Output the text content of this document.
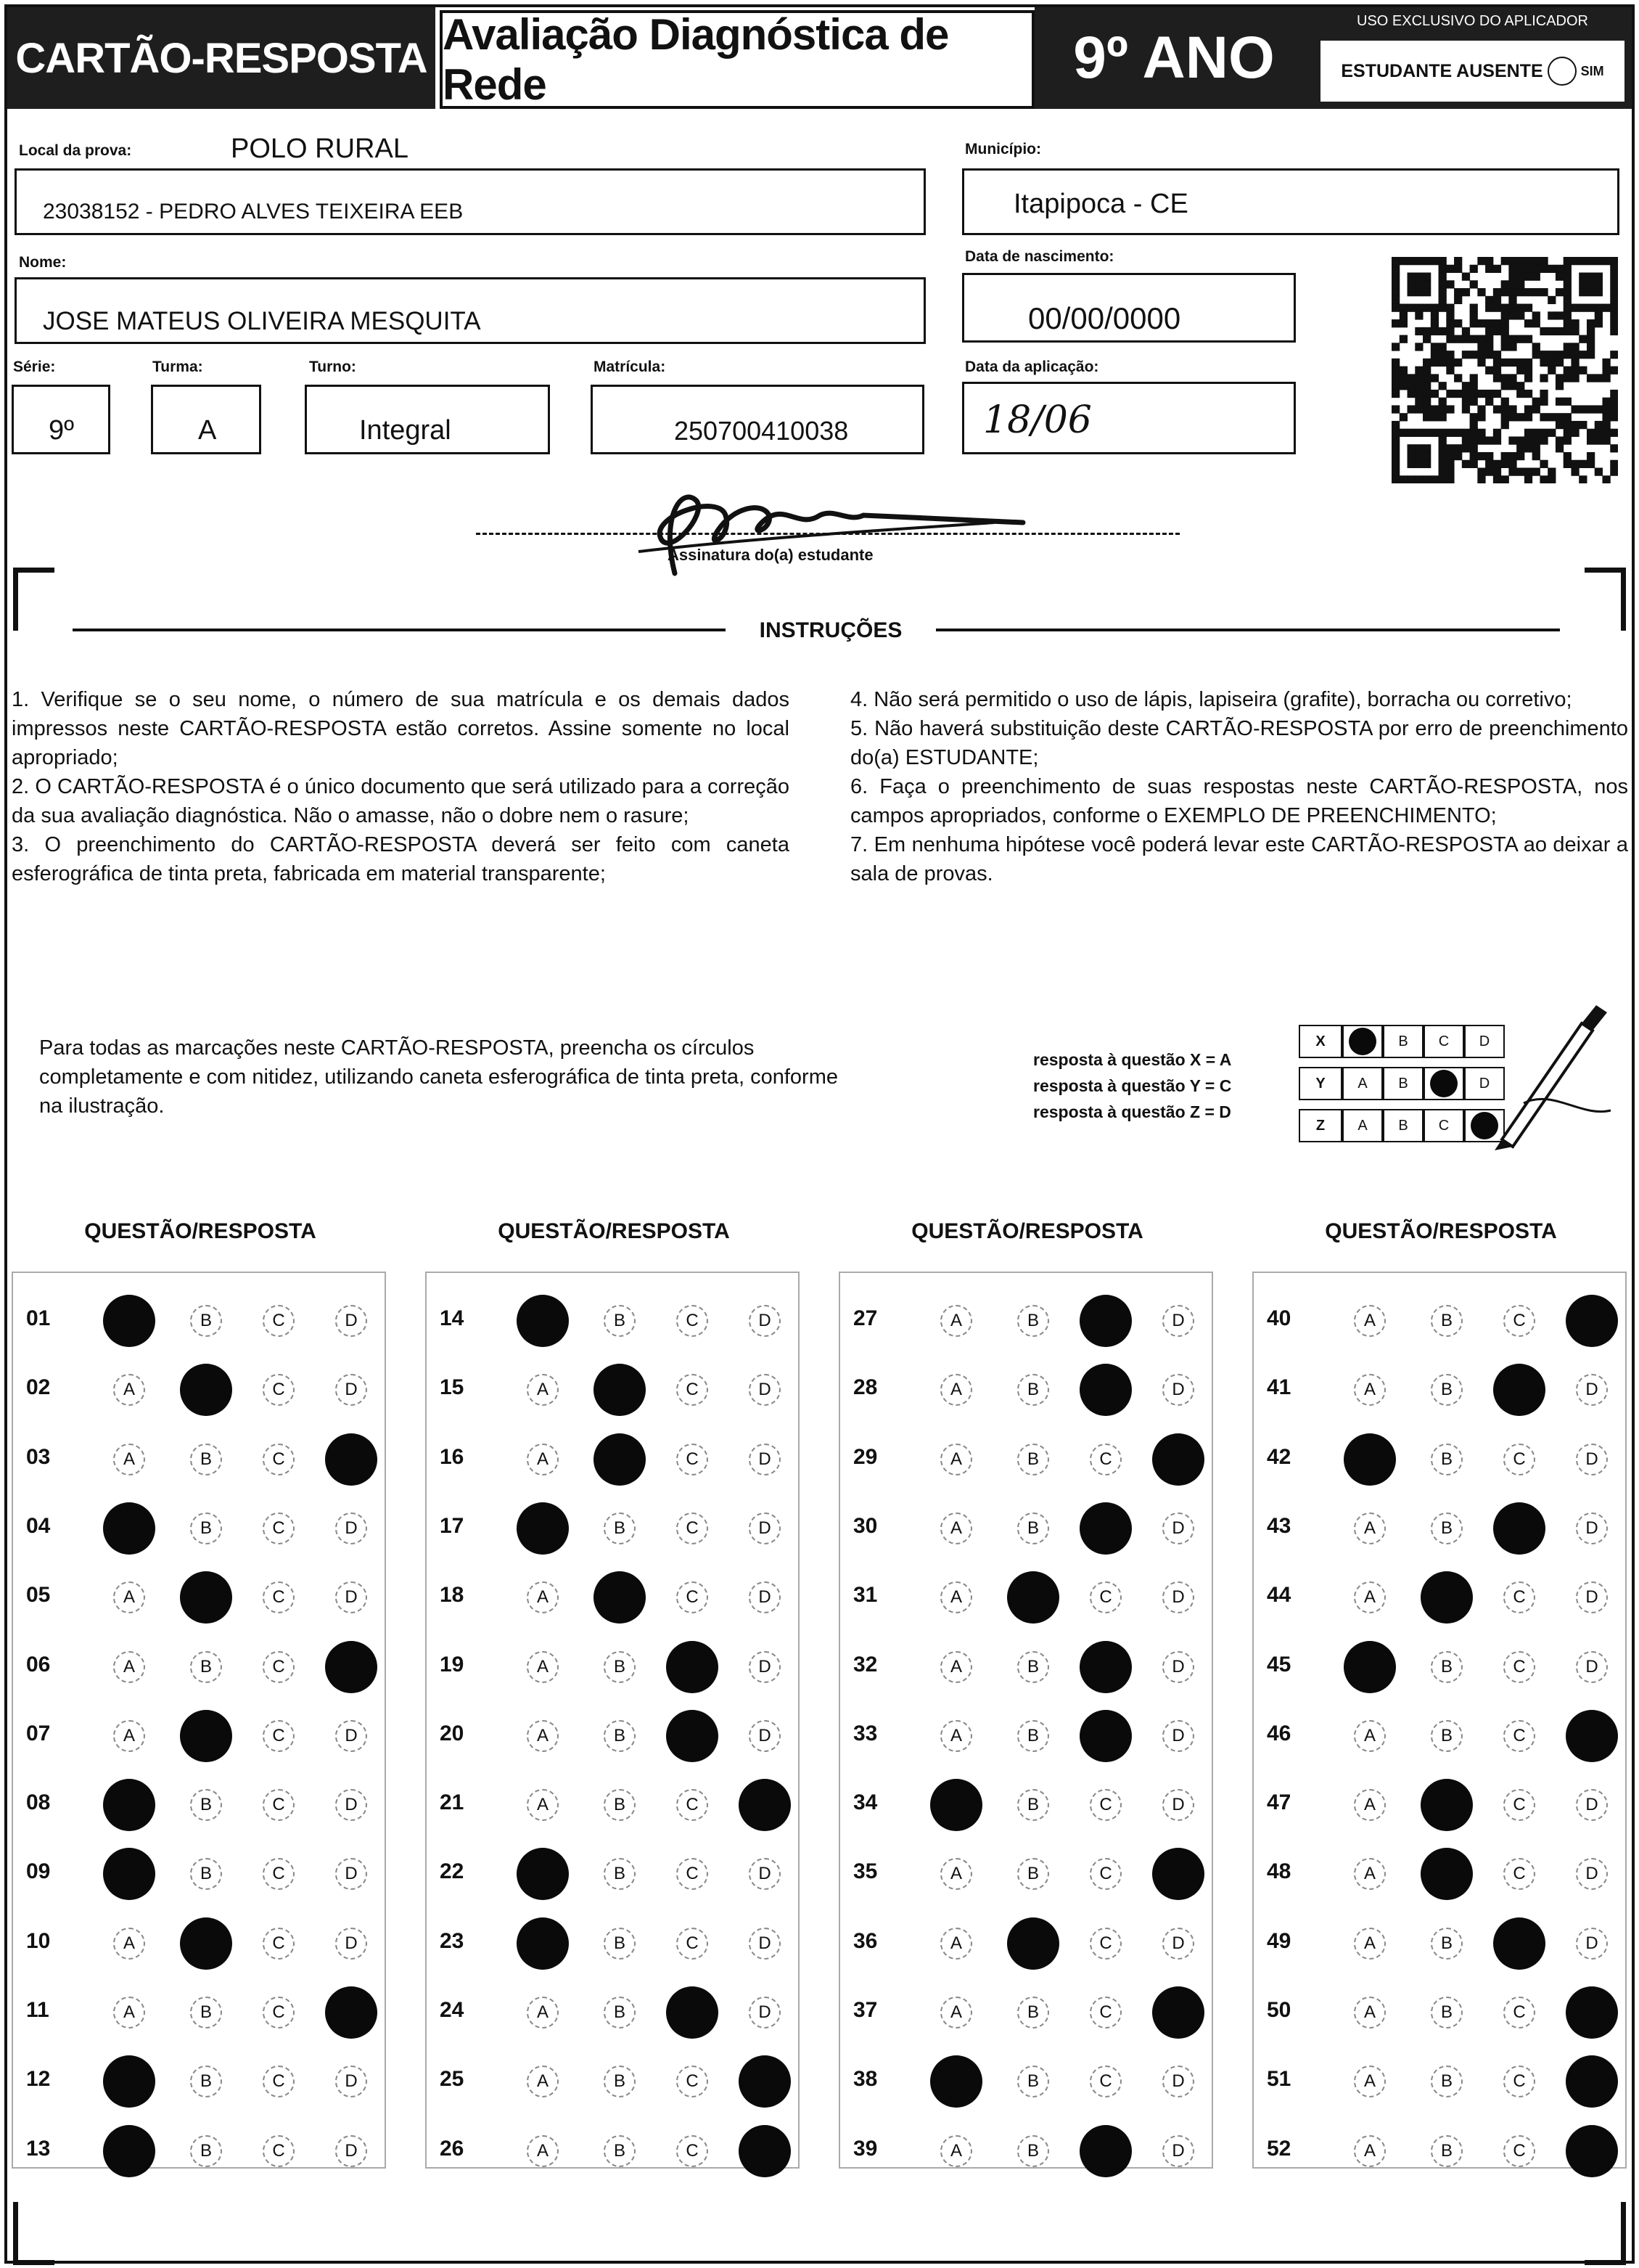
CARTÃO-RESPOSTA Avaliação Diagnóstica de Rede	9º ANO
USO EXCLUSIVO DO APLICADOR
ESTUDANTE AUSENTE	SIM
Local da prova:	POLO RURAL
23038152 - PEDRO ALVES TEIXEIRA EEB
Município:
Itapipoca - CE
Nome:
JOSE MATEUS OLIVEIRA MESQUITA
Data de nascimento:
00/00/0000
Série:
9º
Turma:
A
Turno:
Integral
Matrícula:
250700410038
Data da aplicação:
18/06
Assinatura do(a) estudante
INSTRUÇÕES

1. Verifique se o seu nome, o número de sua matrícula e os demais dados impressos neste CARTÃO-RESPOSTA estão corretos. Assine somente no local apropriado;

2. O CARTÃO-RESPOSTA é o único documento que será utilizado para a correção da sua avaliação diagnóstica. Não o amasse, não o dobre nem o rasure;

3. O preenchimento do CARTÃO-RESPOSTA deverá ser feito com caneta esferográfica de tinta preta, fabricada em material transparente;

4. Não será permitido o uso de lápis, lapiseira (grafite), borracha ou corretivo;

5. Não haverá substituição deste CARTÃO-RESPOSTA por erro de preenchimento do(a) ESTUDANTE;

6. Faça o preenchimento de suas respostas neste CARTÃO-RESPOSTA, nos campos apropriados, conforme o EXEMPLO DE PREENCHIMENTO;

7. Em nenhuma hipótese você poderá levar este CARTÃO-RESPOSTA ao deixar a sala de provas.

Para todas as marcações neste CARTÃO-RESPOSTA, preencha os círculos completamente e com nitidez, utilizando caneta esferográfica de tinta preta, conforme na ilustração.
resposta à questão X = A
resposta à questão Y = C
resposta à questão Z = D
X	B	C	D
Y	A	B	D
Z	A	B	C
QUESTÃO/RESPOSTA
01	A	B	C	D
02	A	B	C	D
03	A	B	C	D
04	A	B	C	D
05	A	B	C	D
06	A	B	C	D
07	A	B	C	D
08	A	B	C	D
09	A	B	C	D
10	A	B	C	D
11	A	B	C	D
12	A	B	C	D
13	A	B	C	D
QUESTÃO/RESPOSTA
14	A	B	C	D
15	A	B	C	D
16	A	B	C	D
17	A	B	C	D
18	A	B	C	D
19	A	B	C	D
20	A	B	C	D
21	A	B	C	D
22	A	B	C	D
23	A	B	C	D
24	A	B	C	D
25	A	B	C	D
26	A	B	C	D
QUESTÃO/RESPOSTA
27	A	B	C	D
28	A	B	C	D
29	A	B	C	D
30	A	B	C	D
31	A	B	C	D
32	A	B	C	D
33	A	B	C	D
34	A	B	C	D
35	A	B	C	D
36	A	B	C	D
37	A	B	C	D
38	A	B	C	D
39	A	B	C	D
QUESTÃO/RESPOSTA
40	A	B	C	D
41	A	B	C	D
42	A	B	C	D
43	A	B	C	D
44	A	B	C	D
45	A	B	C	D
46	A	B	C	D
47	A	B	C	D
48	A	B	C	D
49	A	B	C	D
50	A	B	C	D
51	A	B	C	D
52	A	B	C	D
